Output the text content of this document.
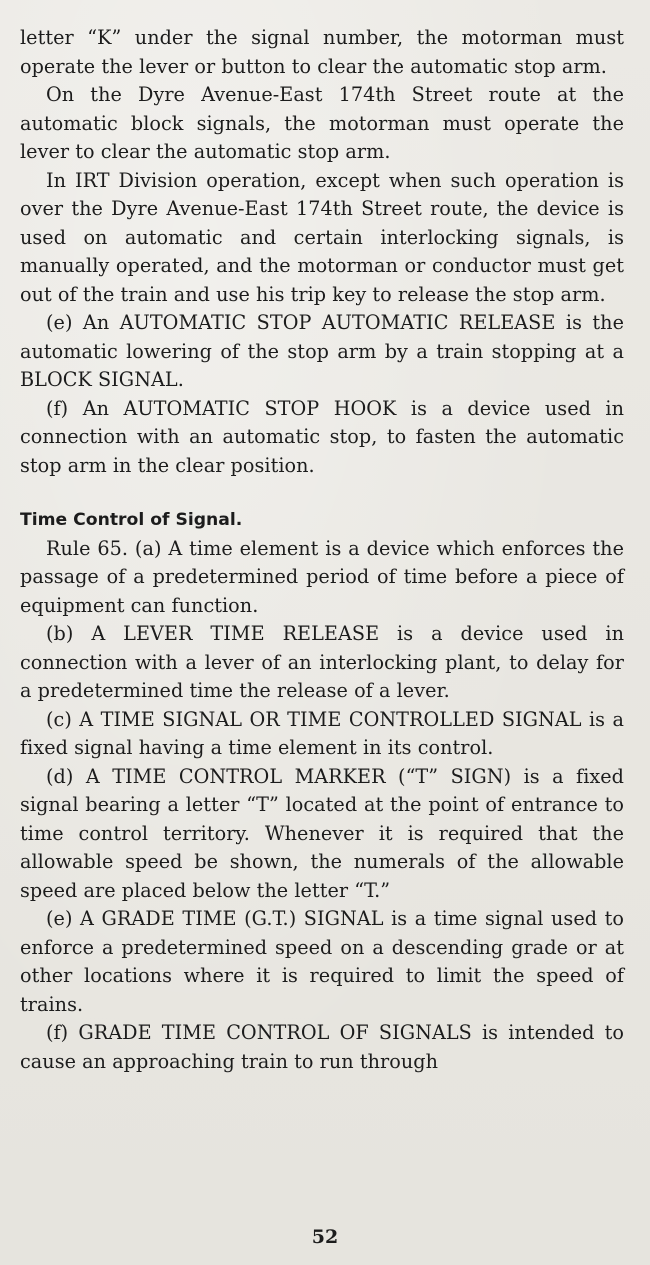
letter “K” under the signal number, the motorman must operate the lever or button to clear the automatic stop arm.

On the Dyre Avenue-East 174th Street route at the automatic block signals, the motorman must operate the lever to clear the automatic stop arm.

In IRT Division operation, except when such operation is over the Dyre Avenue-East 174th Street route, the device is used on automatic and certain interlocking signals, is manually operated, and the motorman or conductor must get out of the train and use his trip key to release the stop arm.

(e) An AUTOMATIC STOP AUTOMATIC RELEASE is the automatic lowering of the stop arm by a train stopping at a BLOCK SIGNAL.

(f) An AUTOMATIC STOP HOOK is a device used in connection with an automatic stop, to fasten the automatic stop arm in the clear position.

Time Control of Signal.

Rule 65. (a) A time element is a device which enforces the passage of a predetermined period of time before a piece of equipment can function.

(b) A LEVER TIME RELEASE is a device used in connection with a lever of an interlocking plant, to delay for a predetermined time the release of a lever.

(c) A TIME SIGNAL OR TIME CONTROLLED SIGNAL is a fixed signal having a time element in its control.

(d) A TIME CONTROL MARKER (“T” SIGN) is a fixed signal bearing a letter “T” located at the point of entrance to time control territory. Whenever it is required that the allowable speed be shown, the numerals of the allowable speed are placed below the letter “T.”

(e) A GRADE TIME (G.T.) SIGNAL is a time signal used to enforce a predetermined speed on a descending grade or at other locations where it is required to limit the speed of trains.

(f) GRADE TIME CONTROL OF SIGNALS is intended to cause an approaching train to run through

52
